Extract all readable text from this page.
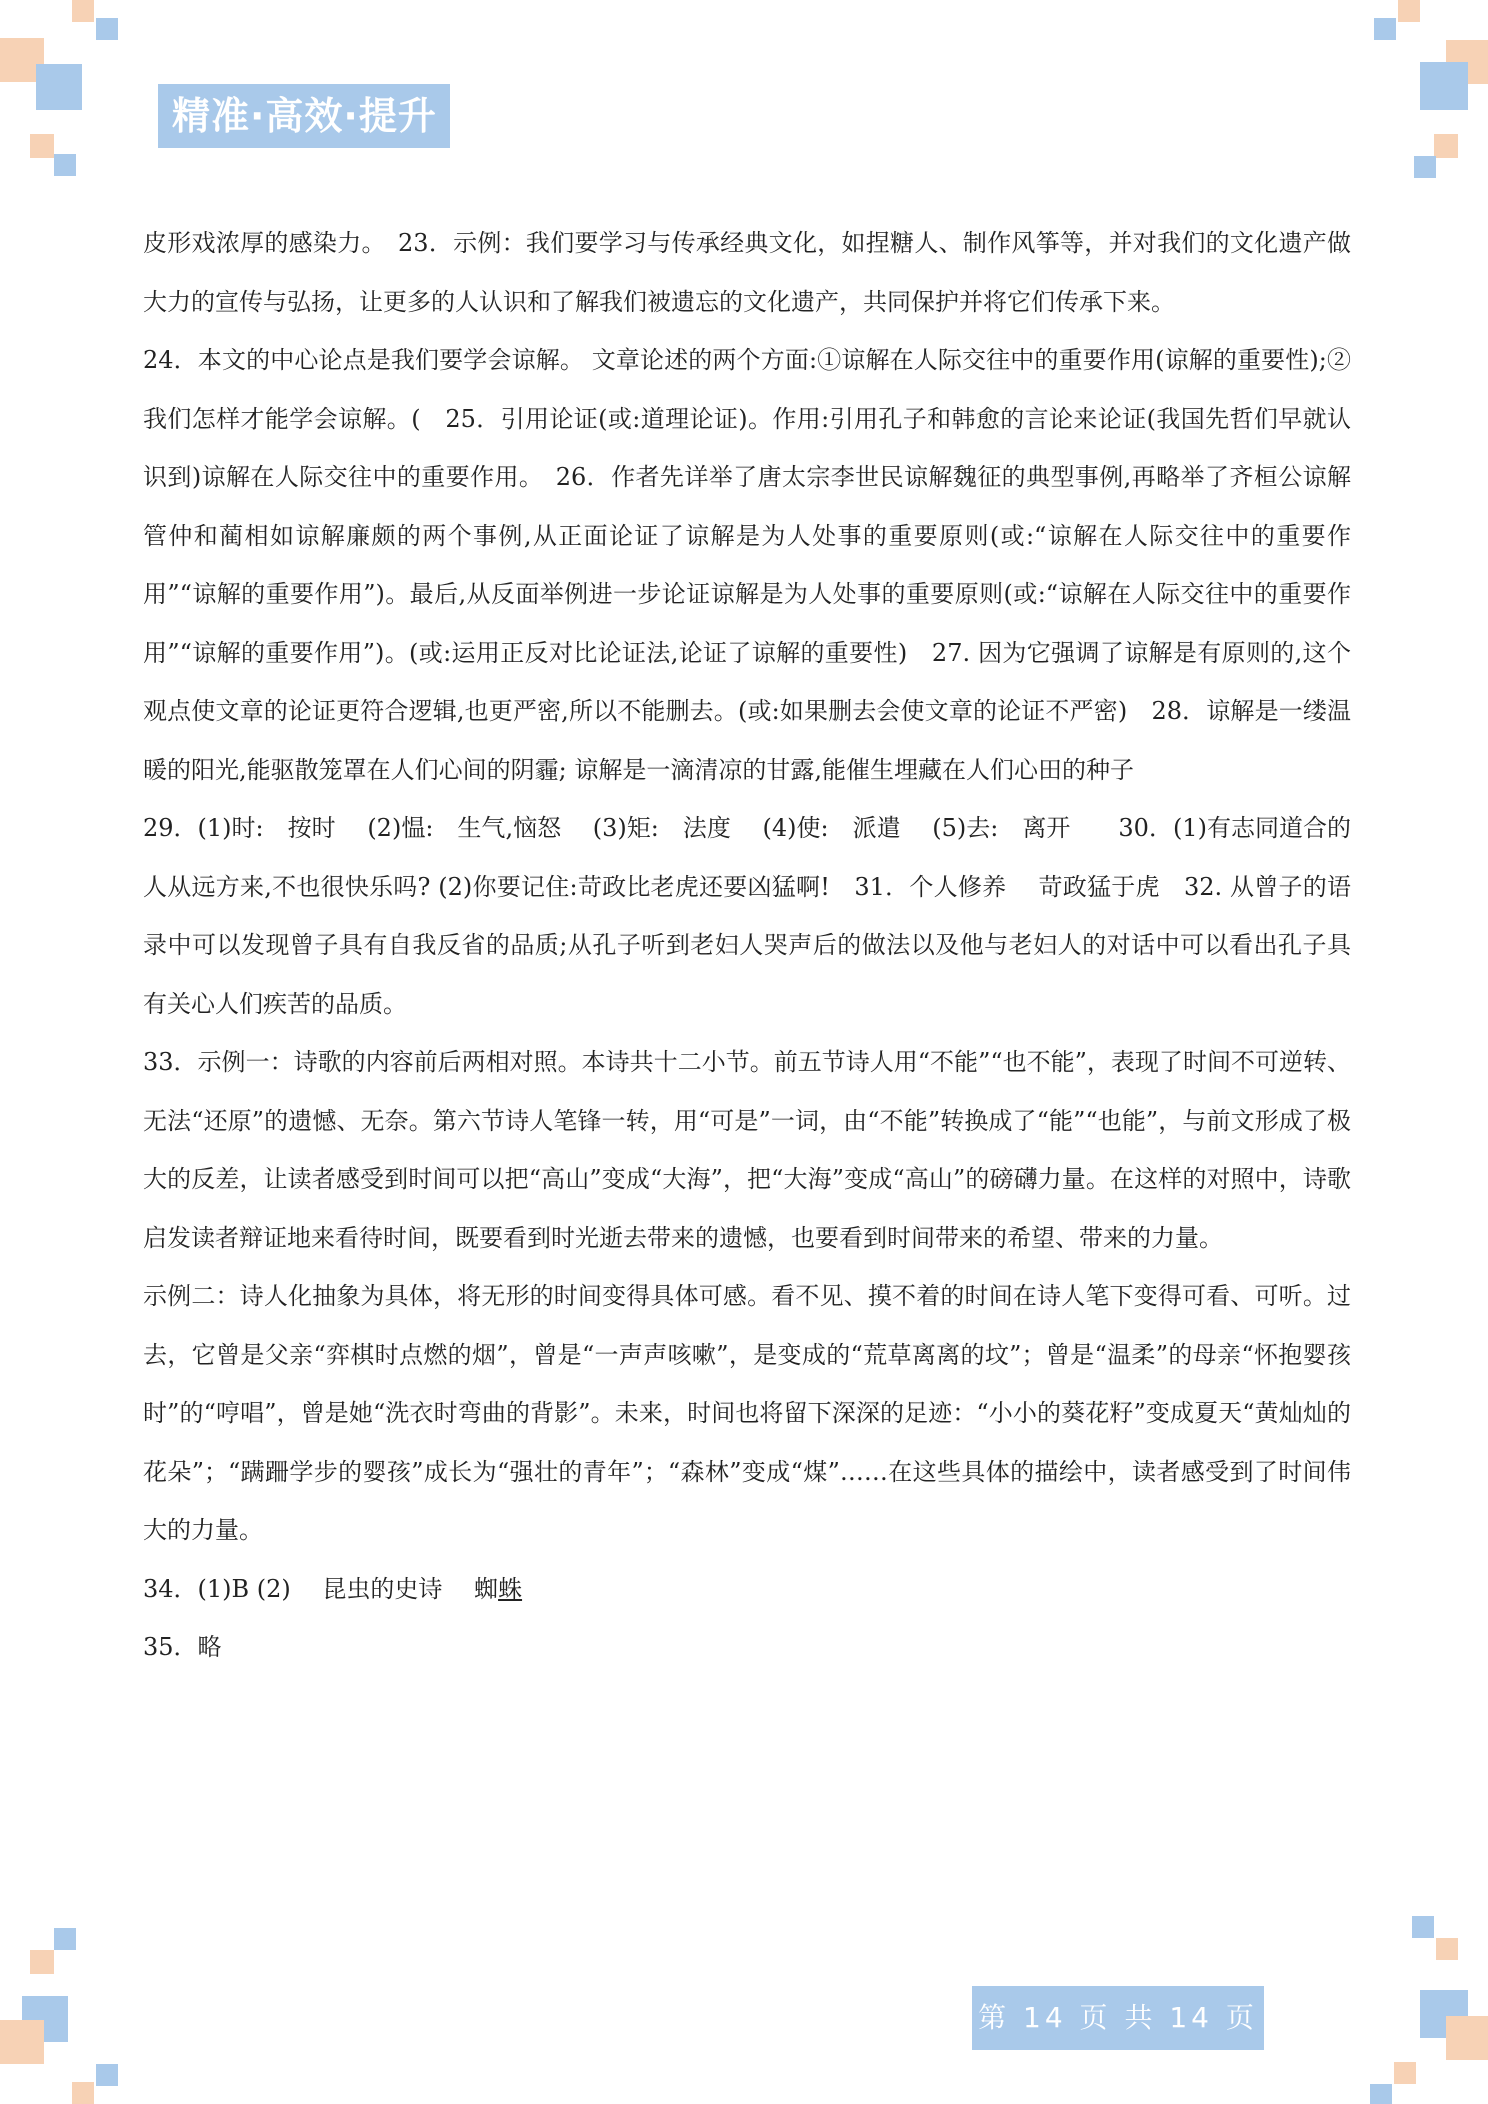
精准·高效·提升

皮形戏浓厚的感染力。　23．示例：我们要学习与传承经典文化，如捏糖人、制作风筝等，并对我们的文化遗产做大力的宣传与弘扬，让更多的人认识和了解我们被遗忘的文化遗产，共同保护并将它们传承下来。

24．本文的中心论点是我们要学会谅解。 文章论述的两个方面:①谅解在人际交往中的重要作用(谅解的重要性);②我们怎样才能学会谅解。(　25．引用论证(或:道理论证)。作用:引用孔子和韩愈的言论来论证(我国先哲们早就认识到)谅解在人际交往中的重要作用。　26．作者先详举了唐太宗李世民谅解魏征的典型事例,再略举了齐桓公谅解管仲和蔺相如谅解廉颇的两个事例,从正面论证了谅解是为人处事的重要原则(或:“谅解在人际交往中的重要作用”“谅解的重要作用”)。最后,从反面举例进一步论证谅解是为人处事的重要原则(或:“谅解在人际交往中的重要作用”“谅解的重要作用”)。(或:运用正反对比论证法,论证了谅解的重要性)　27. 因为它强调了谅解是有原则的,这个观点使文章的论证更符合逻辑,也更严密,所以不能删去。(或:如果删去会使文章的论证不严密)　28．谅解是一缕温暖的阳光,能驱散笼罩在人们心间的阴霾; 谅解是一滴清凉的甘露,能催生埋藏在人们心田的种子

29．(1)时:　按时　 (2)愠:　生气,恼怒　 (3)矩:　法度　 (4)使:　派遣　 (5)去:　离开　　30．(1)有志同道合的人从远方来,不也很快乐吗? (2)你要记住:苛政比老虎还要凶猛啊!　31．个人修养　 苛政猛于虎　32. 从曾子的语录中可以发现曾子具有自我反省的品质;从孔子听到老妇人哭声后的做法以及他与老妇人的对话中可以看出孔子具有关心人们疾苦的品质。

33．示例一：诗歌的内容前后两相对照。本诗共十二小节。前五节诗人用“不能”“也不能”，表现了时间不可逆转、无法“还原”的遗憾、无奈。第六节诗人笔锋一转，用“可是”一词，由“不能”转换成了“能”“也能”，与前文形成了极大的反差，让读者感受到时间可以把“高山”变成“大海”，把“大海”变成“高山”的磅礴力量。在这样的对照中，诗歌启发读者辩证地来看待时间，既要看到时光逝去带来的遗憾，也要看到时间带来的希望、带来的力量。

示例二：诗人化抽象为具体，将无形的时间变得具体可感。看不见、摸不着的时间在诗人笔下变得可看、可听。过去，它曾是父亲“弈棋时点燃的烟”，曾是“一声声咳嗽”，是变成的“荒草离离的坟”；曾是“温柔”的母亲“怀抱婴孩时”的“哼唱”，曾是她“洗衣时弯曲的背影”。未来，时间也将留下深深的足迹：“小小的葵花籽”变成夏天“黄灿灿的花朵”；“蹒跚学步的婴孩”成长为“强壮的青年”；“森林”变成“煤”……在这些具体的描绘中，读者感受到了时间伟大的力量。

34．(1)B (2)　 昆虫的史诗　 蜘蛛

35．略

第 14 页 共 14 页
